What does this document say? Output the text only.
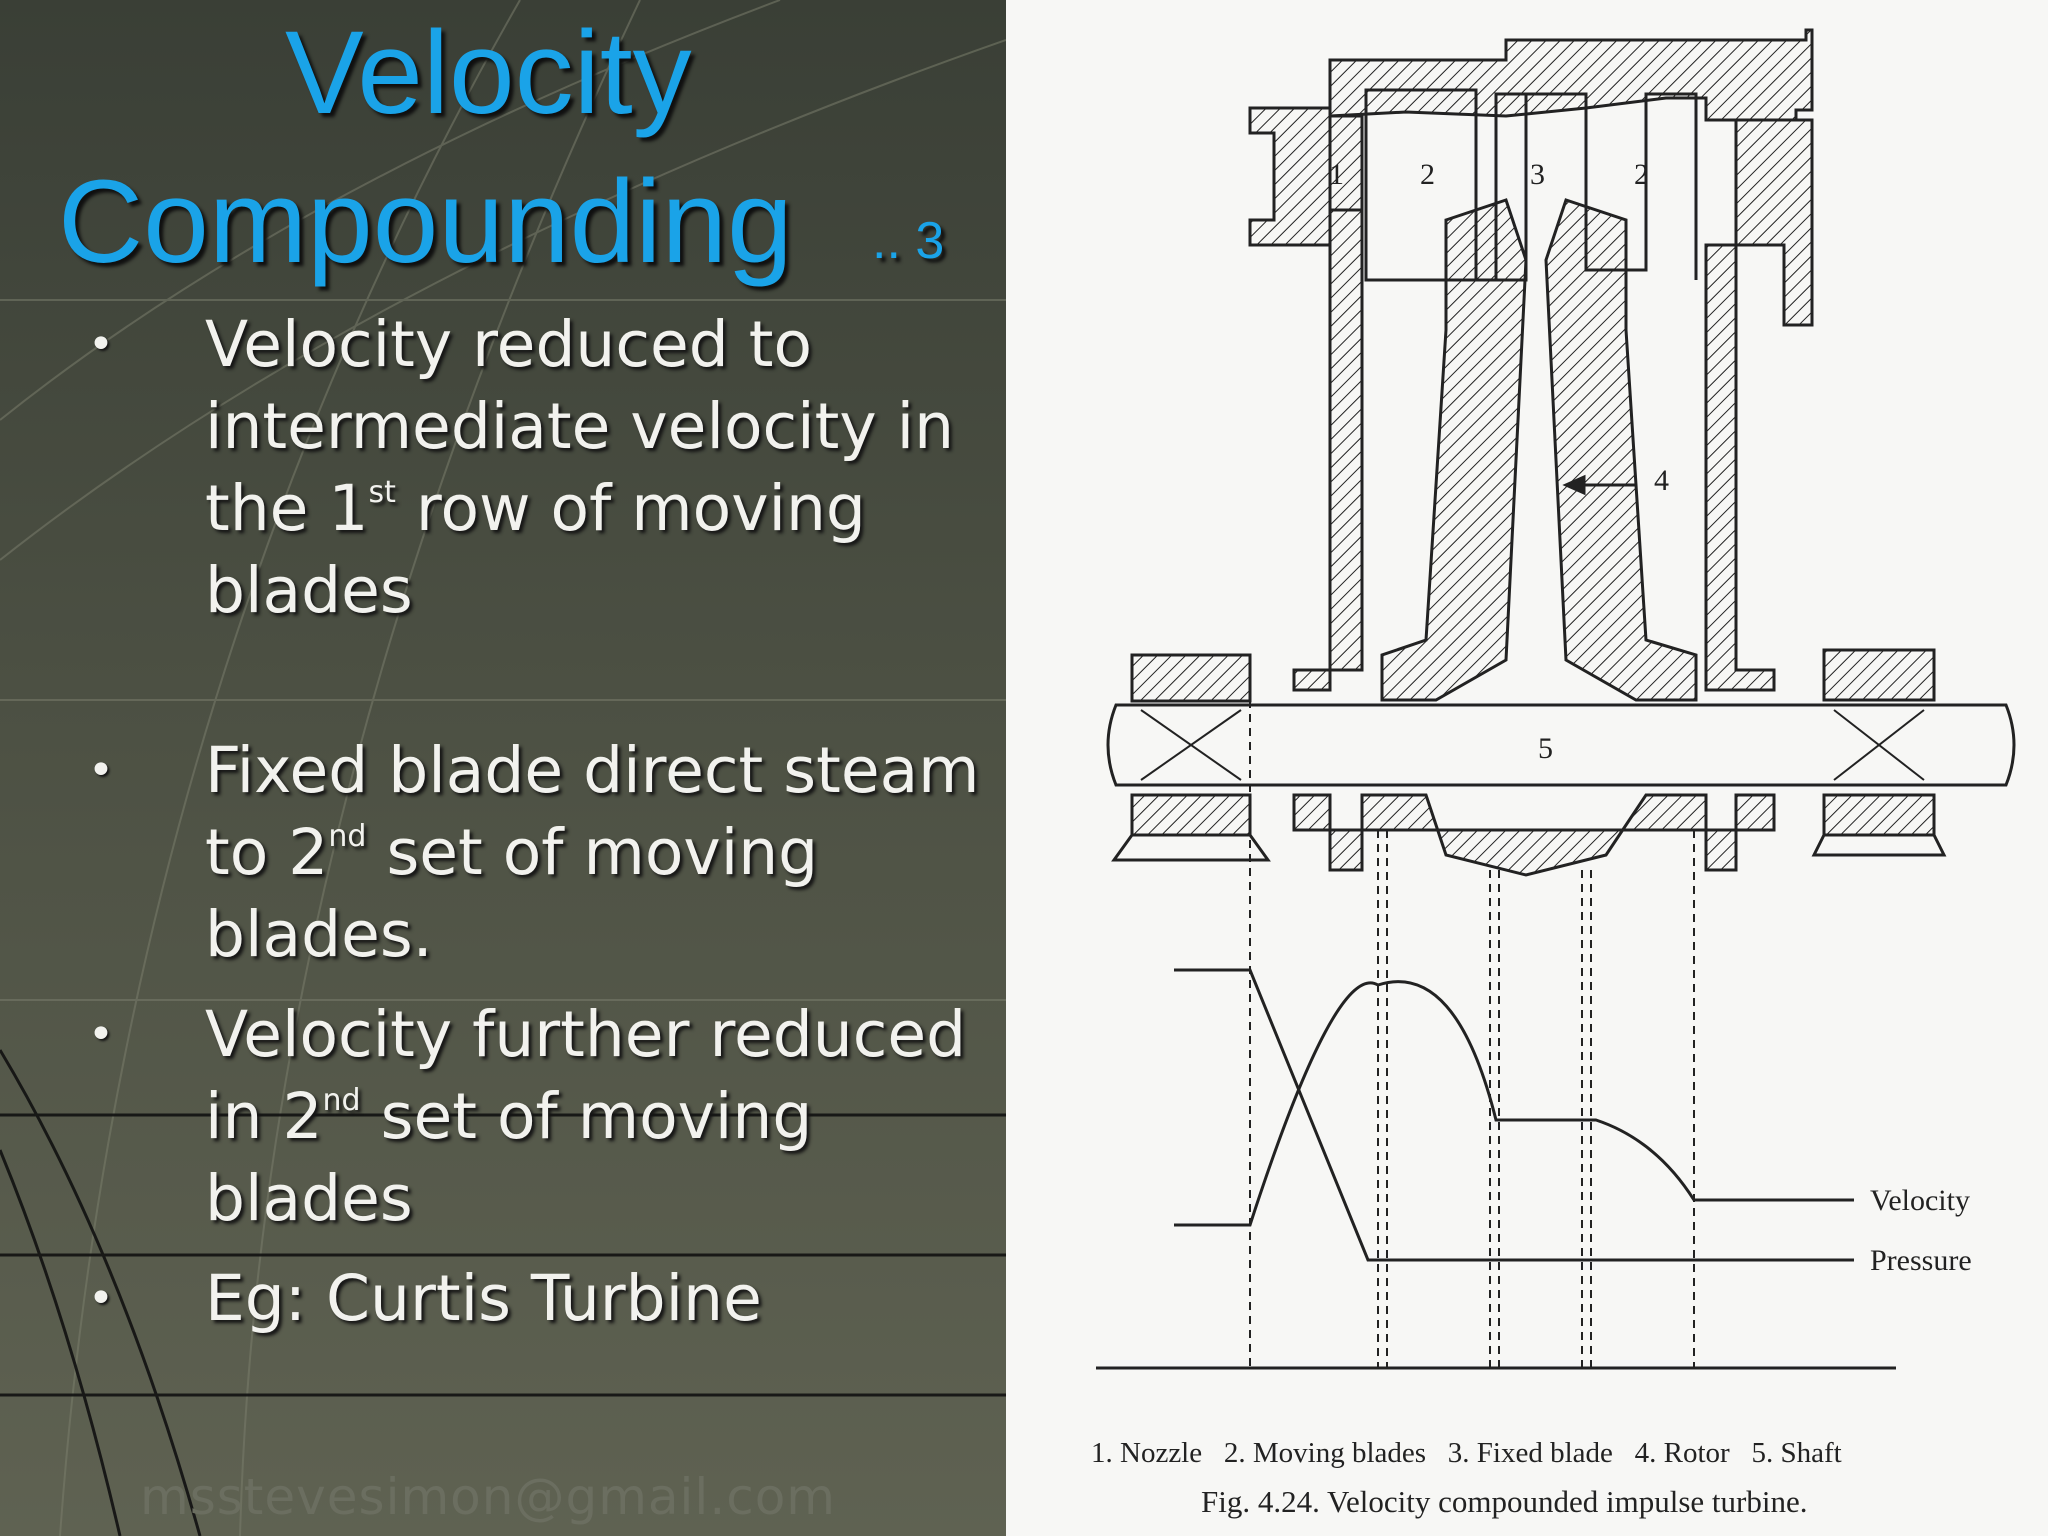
Velocity
Compounding .. 3
• Velocity reduced to intermediate velocity in the 1st row of moving blades
• Fixed blade direct steam to 2nd set of moving blades.
• Velocity further reduced in 2nd set of moving blades
• Eg: Curtis Turbine
msstevesimon@gmail.com
1	2	3	2
4
5
Velocity
Pressure
1. Nozzle   2. Moving blades   3. Fixed blade   4. Rotor   5. Shaft
Fig. 4.24. Velocity compounded impulse turbine.
